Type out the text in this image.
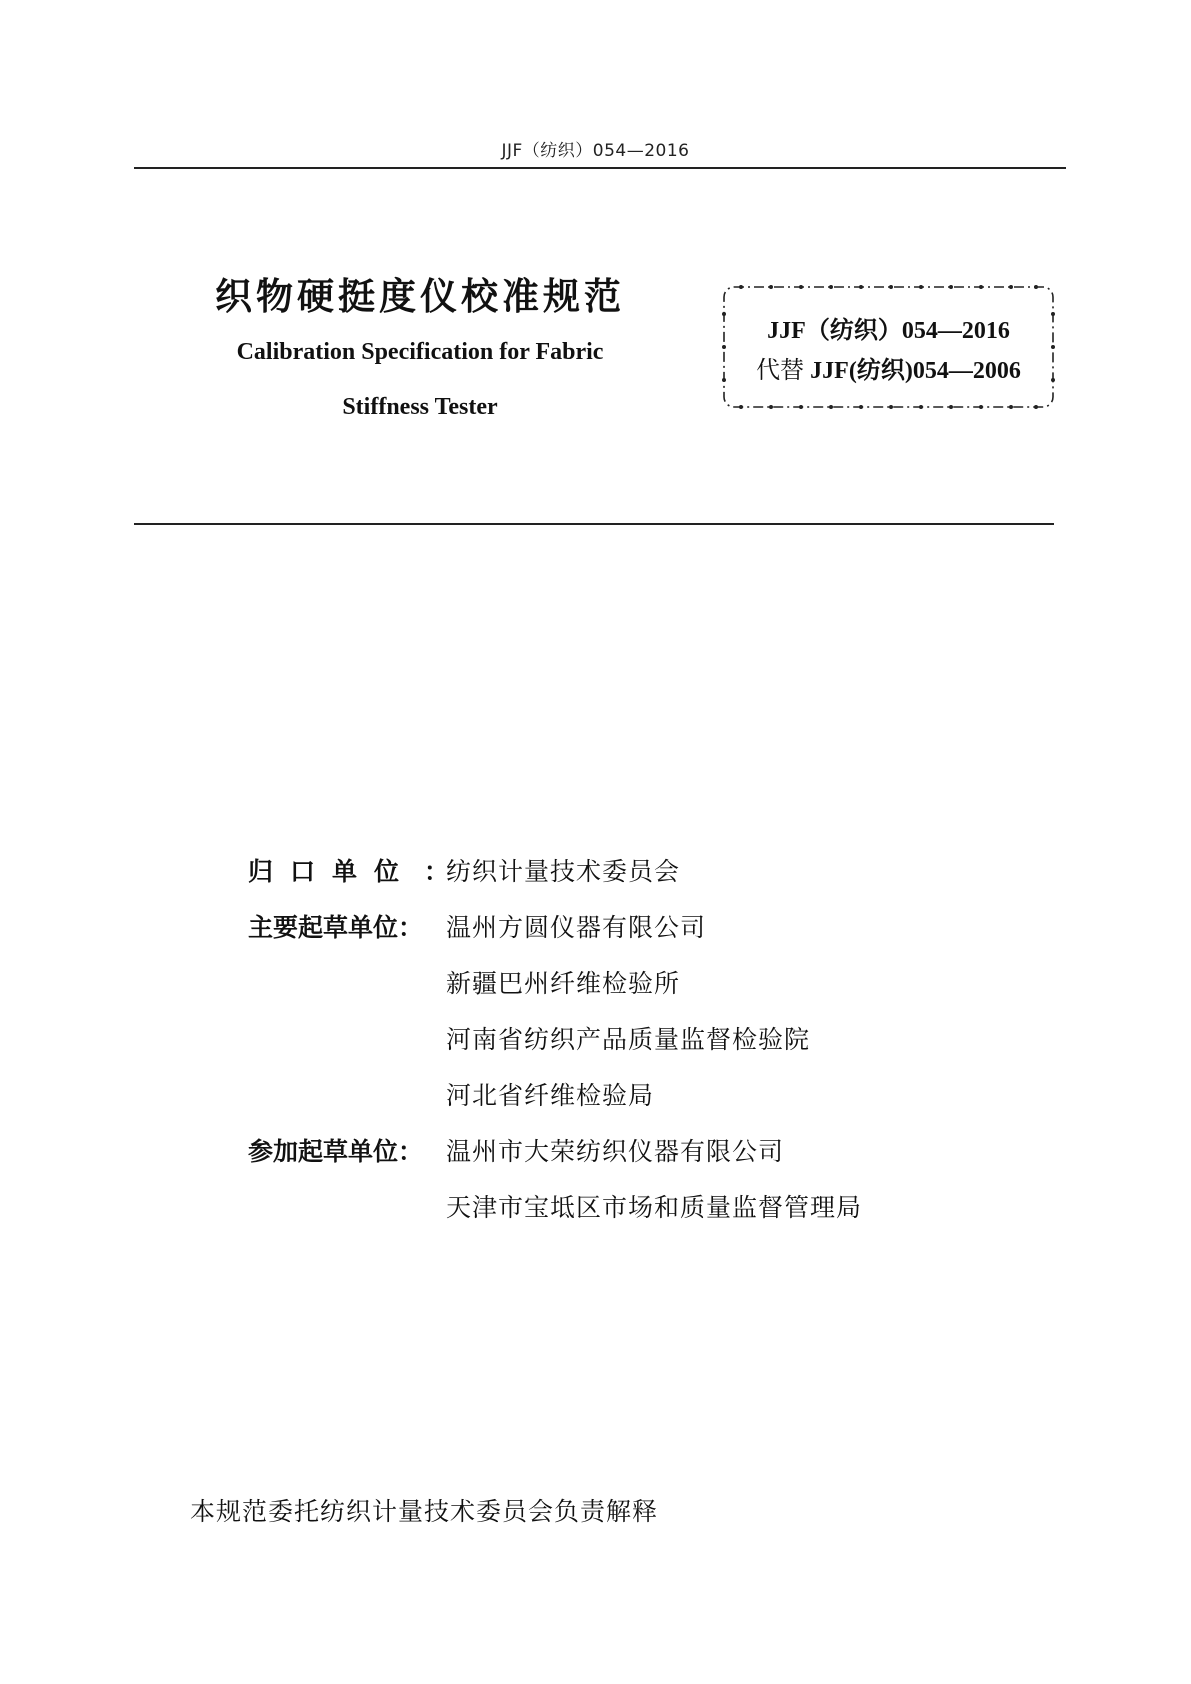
JJF（纺织）054—2016
织物硬挺度仪校准规范
Calibration Specification for Fabric
Stiffness Tester
JJF（纺织）054—2016
代替 JJF(纺织)054—2006
归口单位 ：
纺织计量技术委员会
主要起草单位： 温州方圆仪器有限公司
新疆巴州纤维检验所
河南省纺织产品质量监督检验院
河北省纤维检验局
参加起草单位： 温州市大荣纺织仪器有限公司
天津市宝坻区市场和质量监督管理局
本规范委托纺织计量技术委员会负责解释
